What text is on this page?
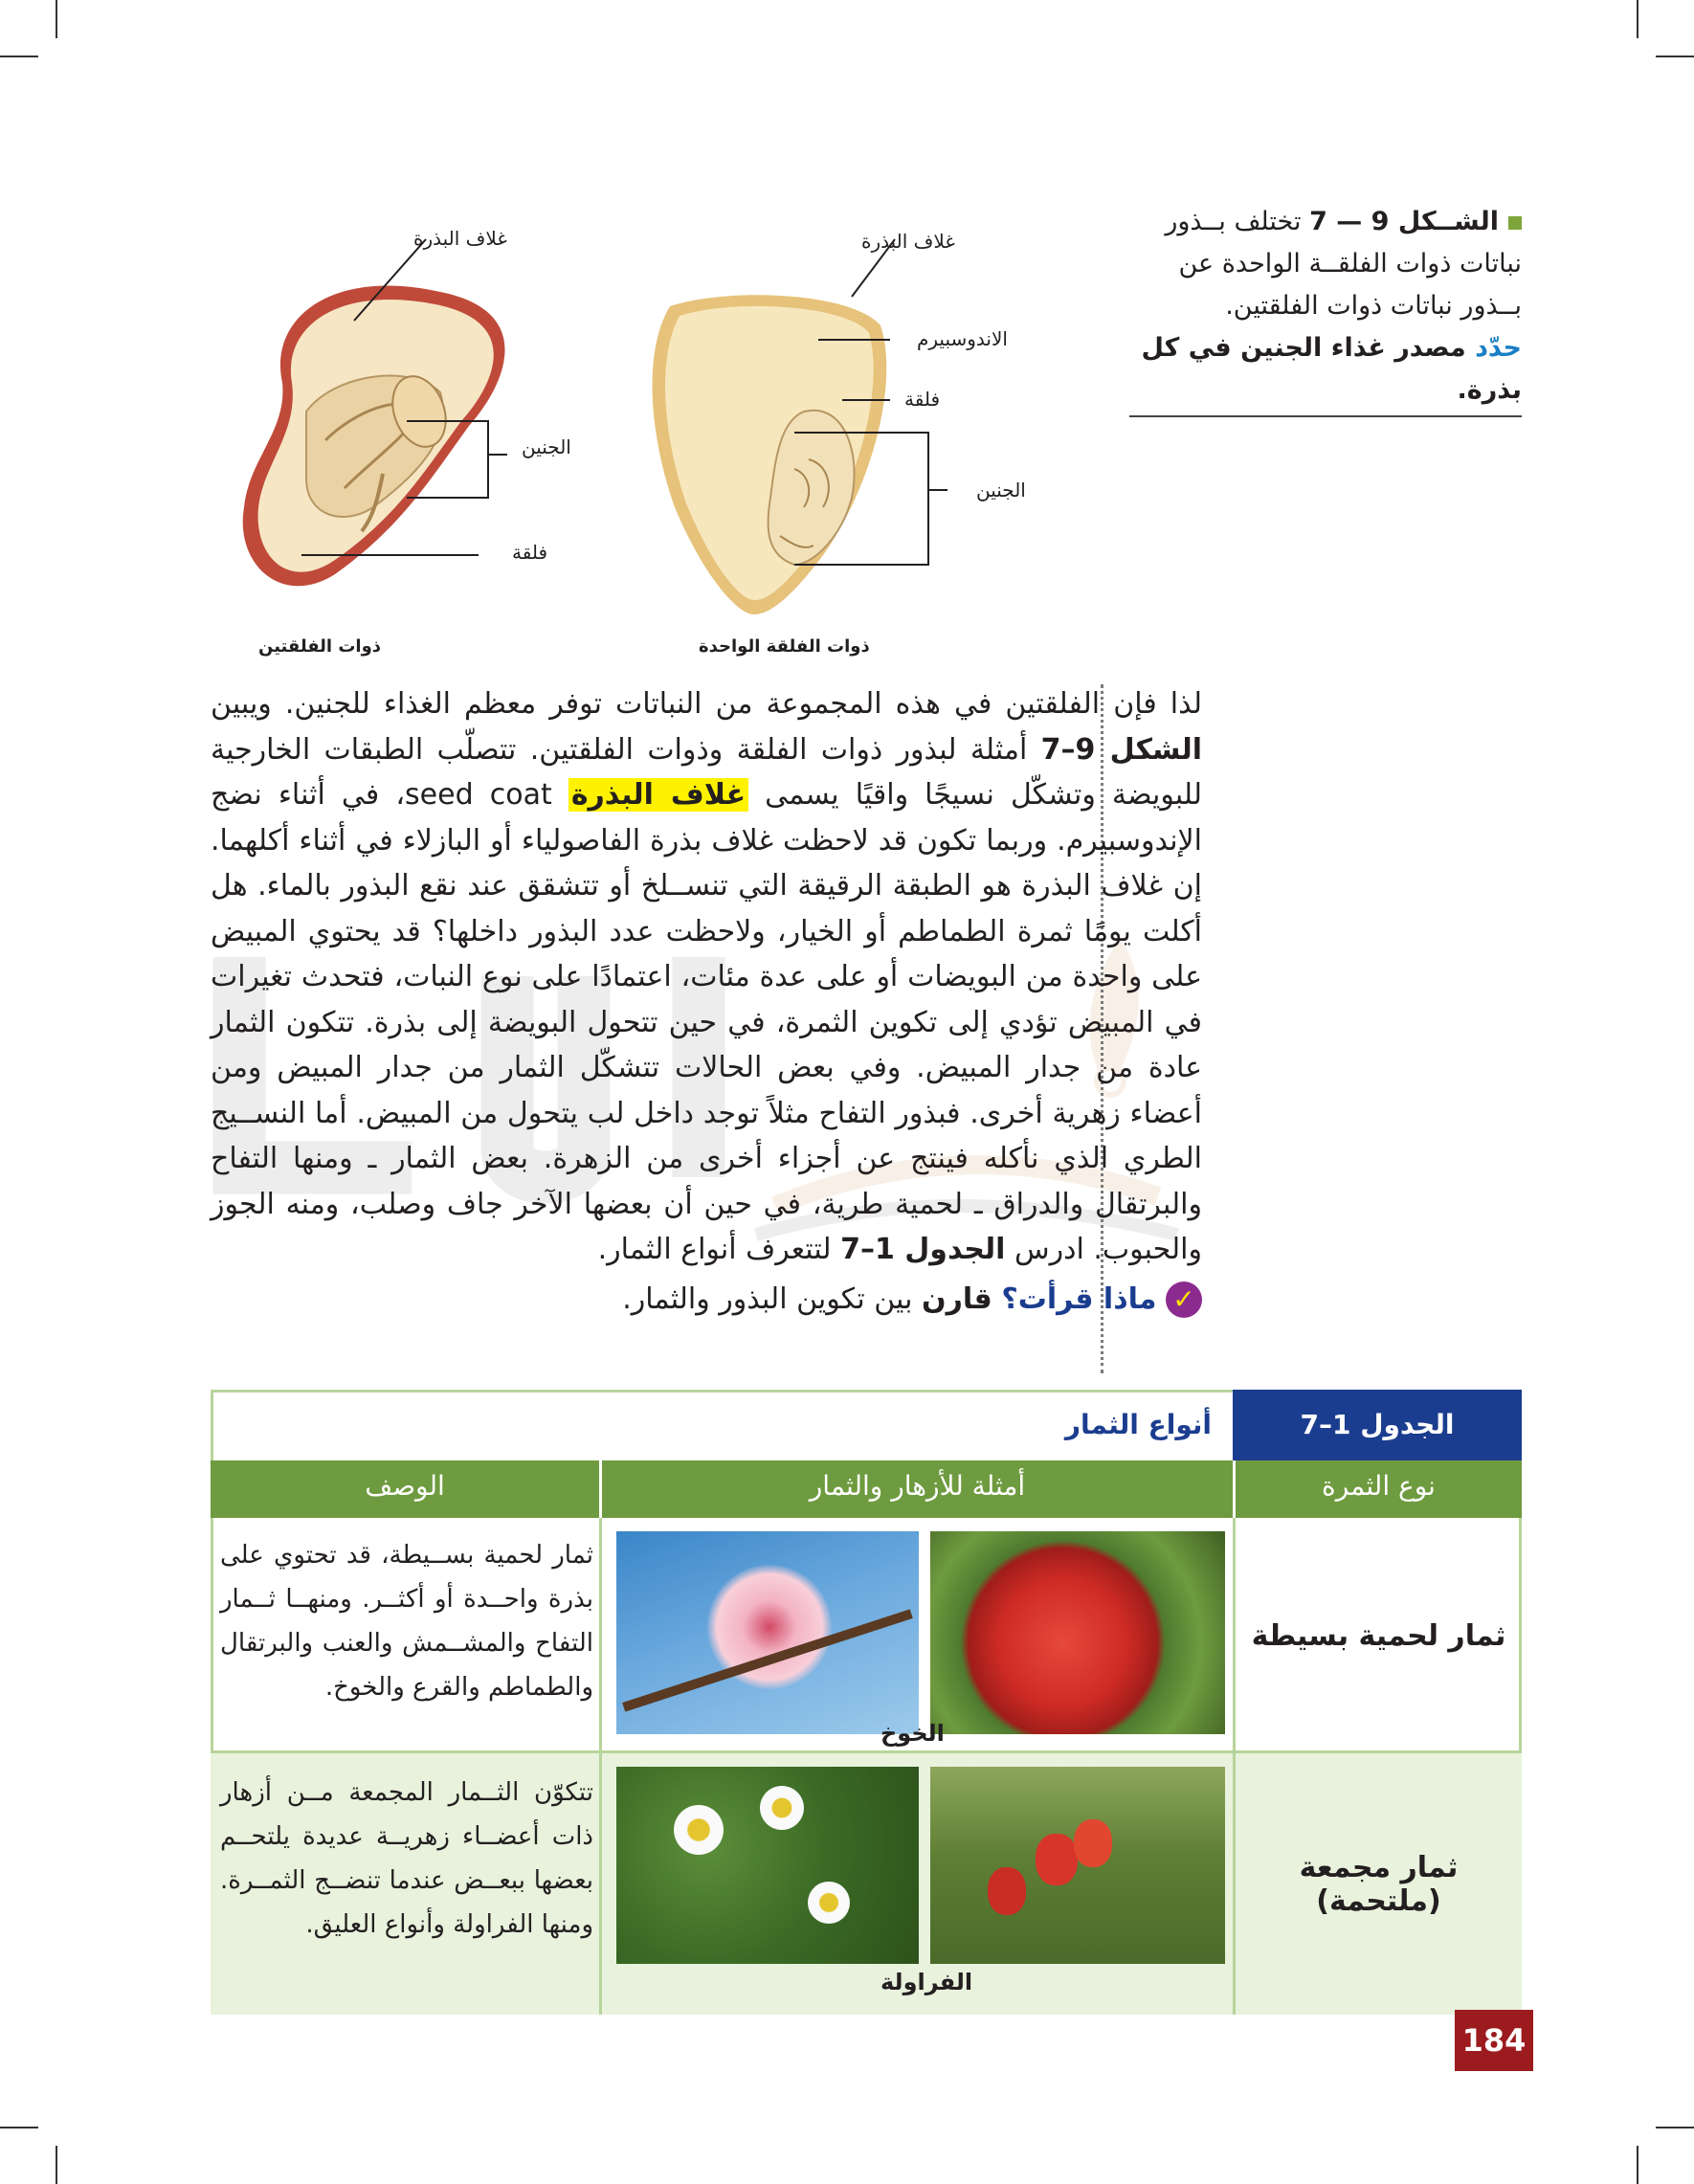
الشــكل 9 — 7 تختلف بــذور نباتات ذوات الفلقــة الواحدة عن بــذور نباتات ذوات الفلقتين.
حدّد مصدر غذاء الجنين في كل بذرة.
غلاف البذرة
الجنين
فلقة
ذوات الفلقتين
غلاف البذرة
الاندوسبيرم
فلقة
الجنين
ذوات الفلقة الواحدة

لذا فإن الفلقتين في هذه المجموعة من النباتات توفر معظم الغذاء للجنين. ويبين الشكل 9–7 أمثلة لبذور ذوات الفلقة وذوات الفلقتين. تتصلّب الطبقات الخارجية للبويضة وتشكّل نسيجًا واقيًا يسمى غلاف البذرة seed coat، في أثناء نضج الإندوسبيرم. وربما تكون قد لاحظت غلاف بذرة الفاصولياء أو البازلاء في أثناء أكلهما. إن غلاف البذرة هو الطبقة الرقيقة التي تنســلخ أو تتشقق عند نقع البذور بالماء. هل أكلت يومًا ثمرة الطماطم أو الخيار، ولاحظت عدد البذور داخلها؟ قد يحتوي المبيض على واحدة من البويضات أو على عدة مئات، اعتمادًا على نوع النبات، فتحدث تغيرات في المبيض تؤدي إلى تكوين الثمرة، في حين تتحول البويضة إلى بذرة. تتكون الثمار عادة من جدار المبيض. وفي بعض الحالات تتشكّل الثمار من جدار المبيض ومن أعضاء زهرية أخرى. فبذور التفاح مثلاً توجد داخل لب يتحول من المبيض. أما النســيج الطري الذي نأكله فينتج عن أجزاء أخرى من الزهرة. بعض الثمار ـ ومنها التفاح والبرتقال والدراق ـ لحمية طرية، في حين أن بعضها الآخر جاف وصلب، ومنه الجوز والحبوب. ادرس الجدول 1–7 لتتعرف أنواع الثمار.

✓ ماذا قرأت؟ قارن بين تكوين البذور والثمار.

الجدول 1–7
أنواع الثمار
نوع الثمرة
أمثلة للأزهار والثمار
الوصف
ثمار لحمية بسيطة
الخوخ
ثمار لحمية بســيطة، قد تحتوي على بذرة واحــدة أو أكثــر. ومنهــا ثــمار التفاح والمشــمش والعنب والبرتقال والطماطم والقرع والخوخ.
ثمار مجمعة (ملتحمة)
الفراولة
تتكوّن الثــمار المجمعة مــن أزهار ذات أعضــاء زهريــة عديدة يلتحــم بعضها ببعــض عندما تنضــج الثمــرة. ومنها الفراولة وأنواع العليق.
184
